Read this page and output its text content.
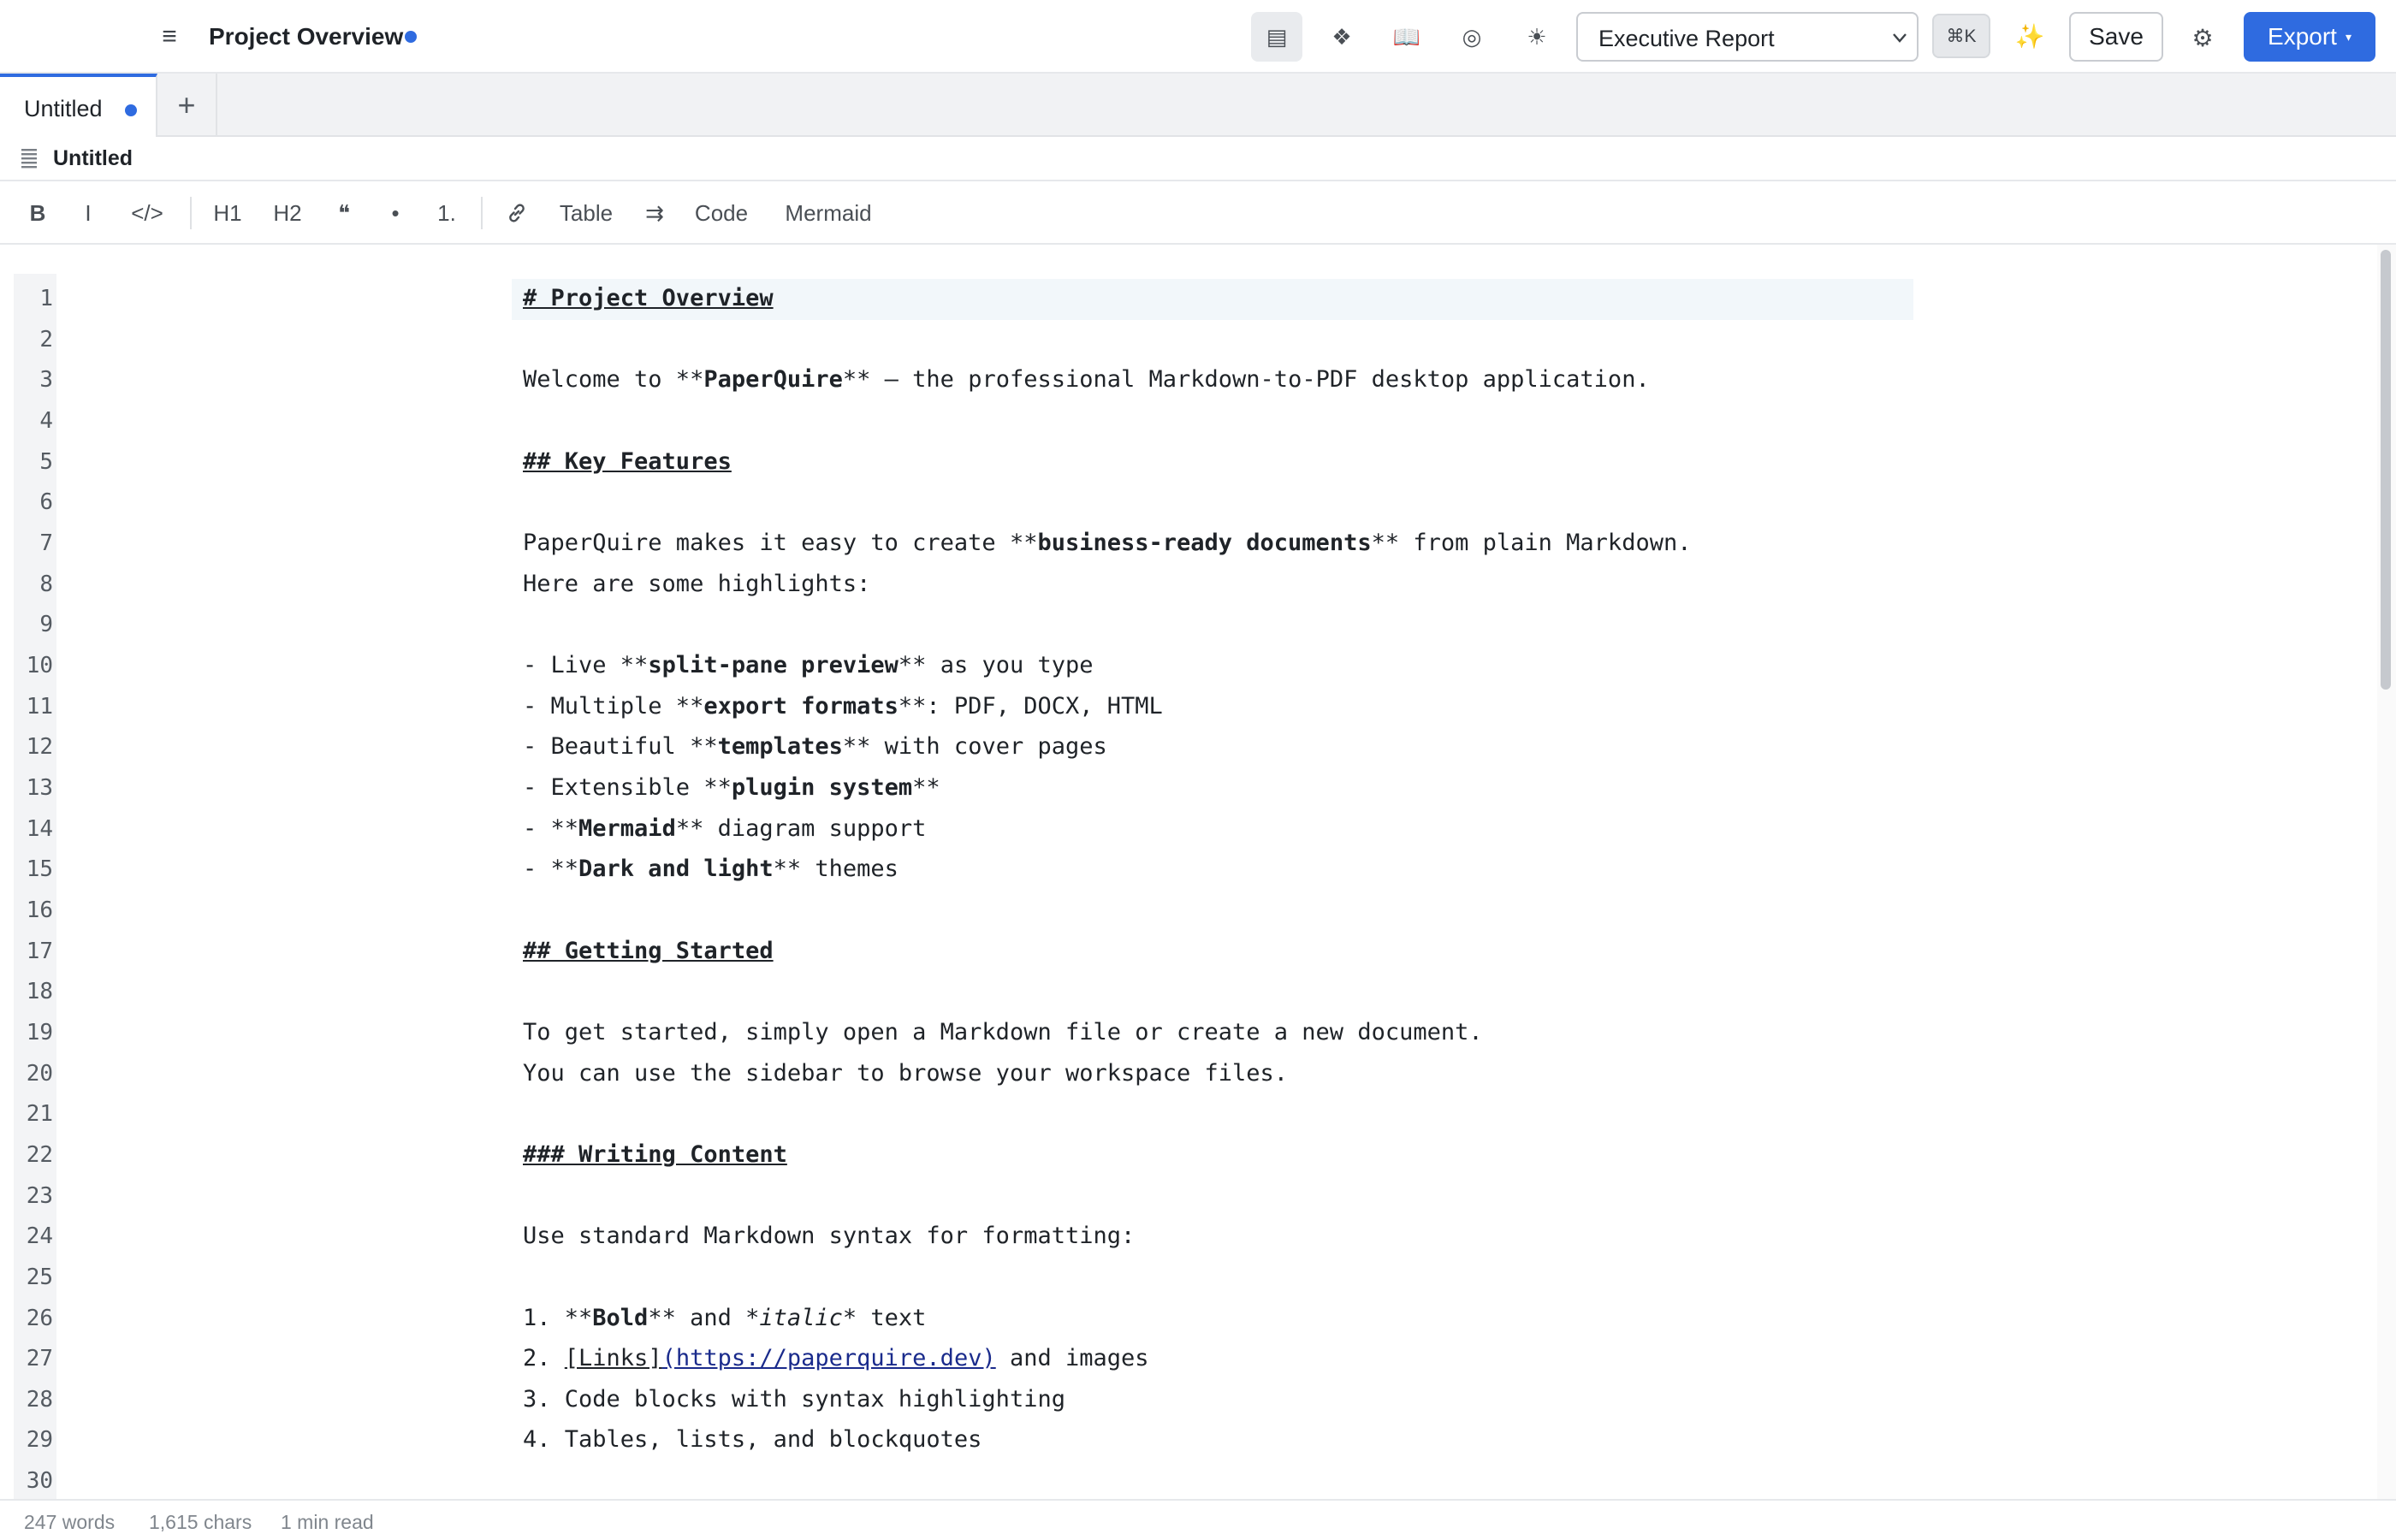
≡	Project Overview	▤ ❖ 📖 ◎ ☀ Executive Report	⌘K	✨	Save	⚙	Export ▾
Untitled +
Untitled
B	I	</>	H1 H2	❝	•	1.	Table ⇉ Code Mermaid
1	# Project Overview
2
3	Welcome to **PaperQuire** — the professional Markdown-to-PDF desktop application.
4
5	## Key Features
6
7	PaperQuire makes it easy to create **business-ready documents** from plain Markdown.
8	Here are some highlights:
9
10	- Live **split-pane preview** as you type
11	- Multiple **export formats**: PDF, DOCX, HTML
12	- Beautiful **templates** with cover pages
13	- Extensible **plugin system**
14	- **Mermaid** diagram support
15	- **Dark and light** themes
16
17	## Getting Started
18
19	To get started, simply open a Markdown file or create a new document.
20	You can use the sidebar to browse your workspace files.
21
22	### Writing Content
23
24	Use standard Markdown syntax for formatting:
25
26	1. **Bold** and *italic* text
27	2. [Links](https://paperquire.dev) and images
28	3. Code blocks with syntax highlighting
29	4. Tables, lists, and blockquotes
30
247 words 1,615 chars 1 min read
